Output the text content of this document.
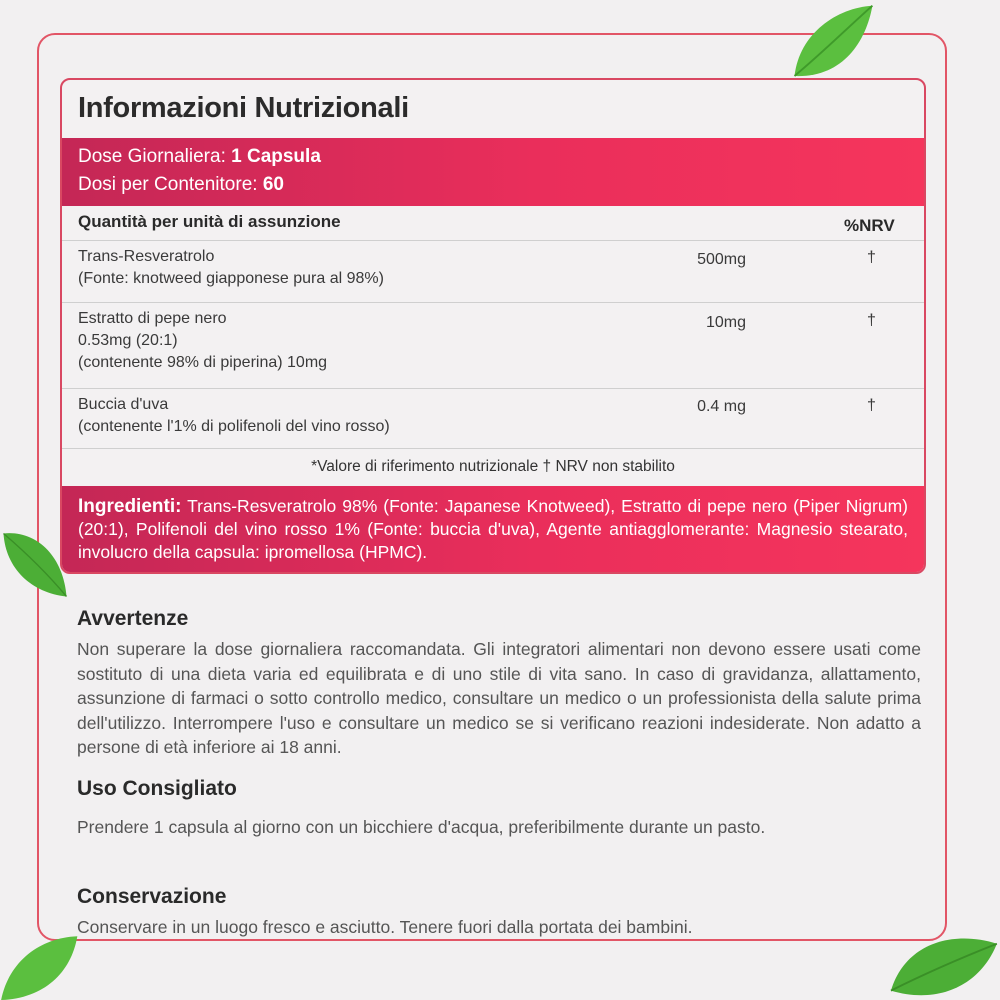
Informazioni Nutrizionali
Dose Giornaliera: 1 Capsula
Dosi per Contenitore: 60
Quantità per unità di assunzione	%NRV
Trans-Resveratrolo
(Fonte: knotweed giapponese pura al 98%)
500mg	†
Estratto di pepe nero
0.53mg (20:1)
(contenente 98% di piperina) 10mg
10mg	†
Buccia d'uva
(contenente l'1% di polifenoli del vino rosso)
0.4 mg	†
*Valore di riferimento nutrizionale † NRV non stabilito
Ingredienti: Trans-Resveratrolo 98% (Fonte: Japanese Knotweed), Estratto di pepe nero (Piper Nigrum) (20:1), Polifenoli del vino rosso 1% (Fonte: buccia d'uva), Agente antiagglomerante: Magnesio stearato, involucro della capsula: ipromellosa (HPMC).
Avvertenze
Non superare la dose giornaliera raccomandata. Gli integratori alimentari non devono essere usati come sostituto di una dieta varia ed equilibrata e di uno stile di vita sano. In caso di gravidanza, allattamento, assunzione di farmaci o sotto controllo medico, consultare un medico o un professionista della salute prima dell'utilizzo. Interrompere l'uso e consultare un medico se si verificano reazioni indesiderate. Non adatto a persone di età inferiore ai 18 anni.
Uso Consigliato
Prendere 1 capsula al giorno con un bicchiere d'acqua, preferibilmente durante un pasto.
Conservazione
Conservare in un luogo fresco e asciutto. Tenere fuori dalla portata dei bambini.
